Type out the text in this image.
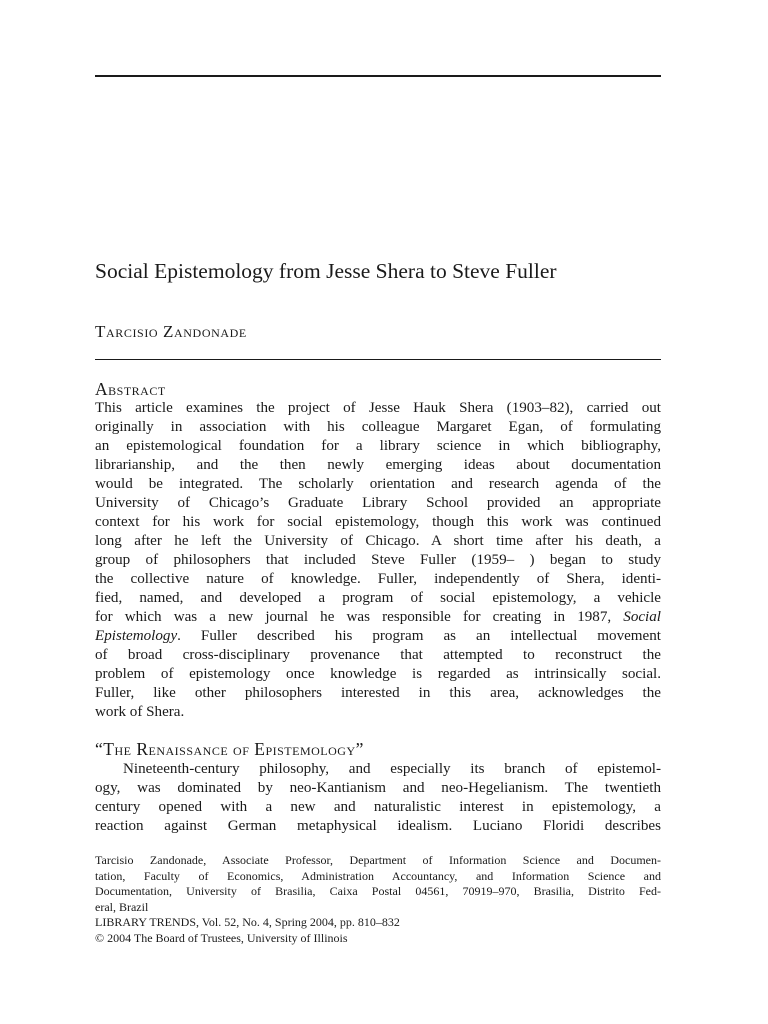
Social Epistemology from Jesse Shera to Steve Fuller
Tarcisio Zandonade
Abstract
This article examines the project of Jesse Hauk Shera (1903–82), carried out
originally in association with his colleague Margaret Egan, of formulating
an epistemological foundation for a library science in which bibliography,
librarianship, and the then newly emerging ideas about documentation
would be integrated. The scholarly orientation and research agenda of the
University of Chicago’s Graduate Library School provided an appropriate
context for his work for social epistemology, though this work was continued
long after he left the University of Chicago. A short time after his death, a
group of philosophers that included Steve Fuller (1959– ) began to study
the collective nature of knowledge. Fuller, independently of Shera, identi-
fied, named, and developed a program of social epistemology, a vehicle
for which was a new journal he was responsible for creating in 1987, Social
Epistemology. Fuller described his program as an intellectual movement
of broad cross-disciplinary provenance that attempted to reconstruct the
problem of epistemology once knowledge is regarded as intrinsically social.
Fuller, like other philosophers interested in this area, acknowledges the
work of Shera.
“The Renaissance of Epistemology”
Nineteenth-century philosophy, and especially its branch of epistemol-
ogy, was dominated by neo-Kantianism and neo-Hegelianism. The twentieth
century opened with a new and naturalistic interest in epistemology, a
reaction against German metaphysical idealism. Luciano Floridi describes
Tarcisio Zandonade, Associate Professor, Department of Information Science and Documen-
tation, Faculty of Economics, Administration Accountancy, and Information Science and
Documentation, University of Brasilia, Caixa Postal 04561, 70919–970, Brasilia, Distrito Fed-
eral, Brazil
LIBRARY TRENDS, Vol. 52, No. 4, Spring 2004, pp. 810–832
© 2004 The Board of Trustees, University of Illinois
